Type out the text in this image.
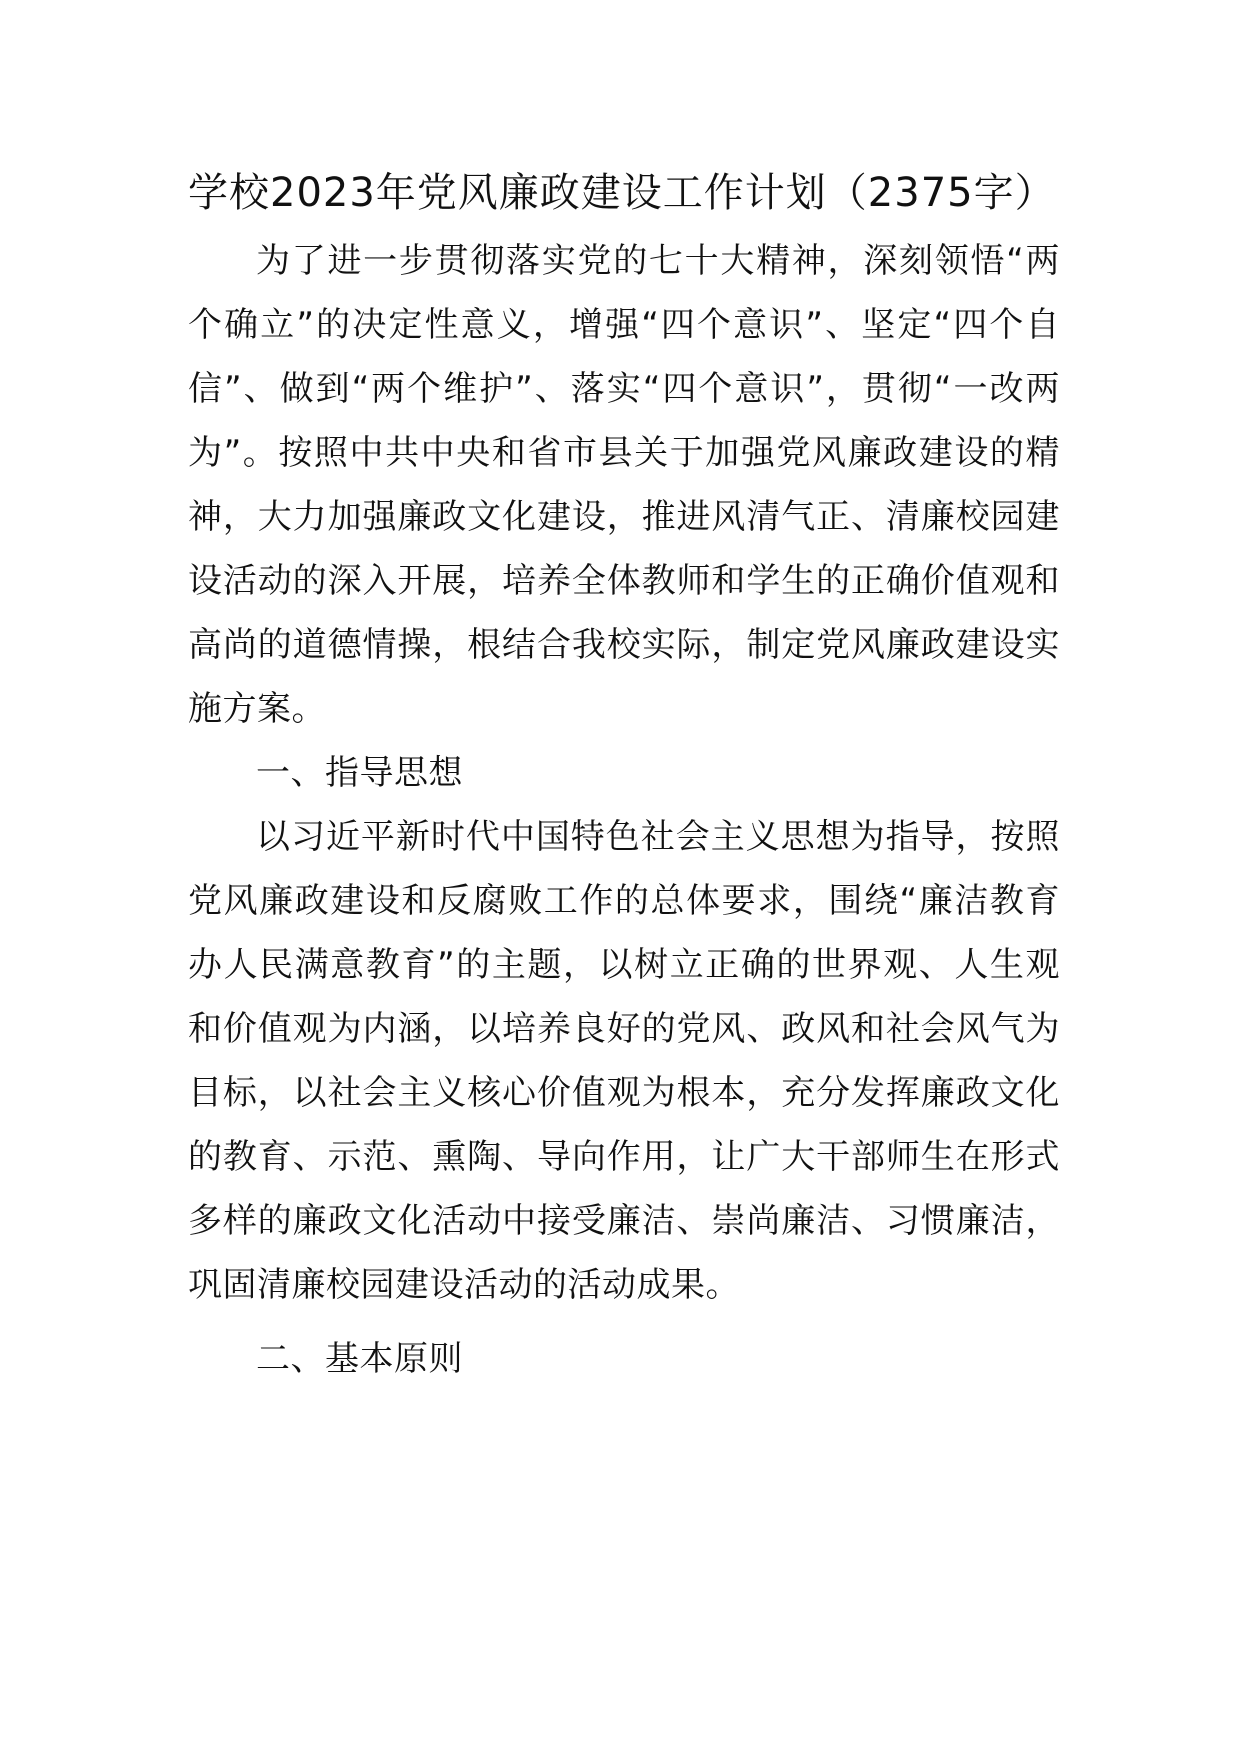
学校2023年党风廉政建设工作计划（2375字）

为了进一步贯彻落实党的七十大精神，深刻领悟“两个确立”的决定性意义，增强“四个意识”、坚定“四个自信”、做到“两个维护”、落实“四个意识”，贯彻“一改两为”。按照中共中央和省市县关于加强党风廉政建设的精神，大力加强廉政文化建设，推进风清气正、清廉校园建设活动的深入开展，培养全体教师和学生的正确价值观和高尚的道德情操，根结合我校实际，制定党风廉政建设实施方案。

一、指导思想

以习近平新时代中国特色社会主义思想为指导，按照党风廉政建设和反腐败工作的总体要求，围绕“廉洁教育办人民满意教育”的主题，以树立正确的世界观、人生观和价值观为内涵，以培养良好的党风、政风和社会风气为目标，以社会主义核心价值观为根本，充分发挥廉政文化的教育、示范、熏陶、导向作用，让广大干部师生在形式多样的廉政文化活动中接受廉洁、崇尚廉洁、习惯廉洁，巩固清廉校园建设活动的活动成果。

二、基本原则
